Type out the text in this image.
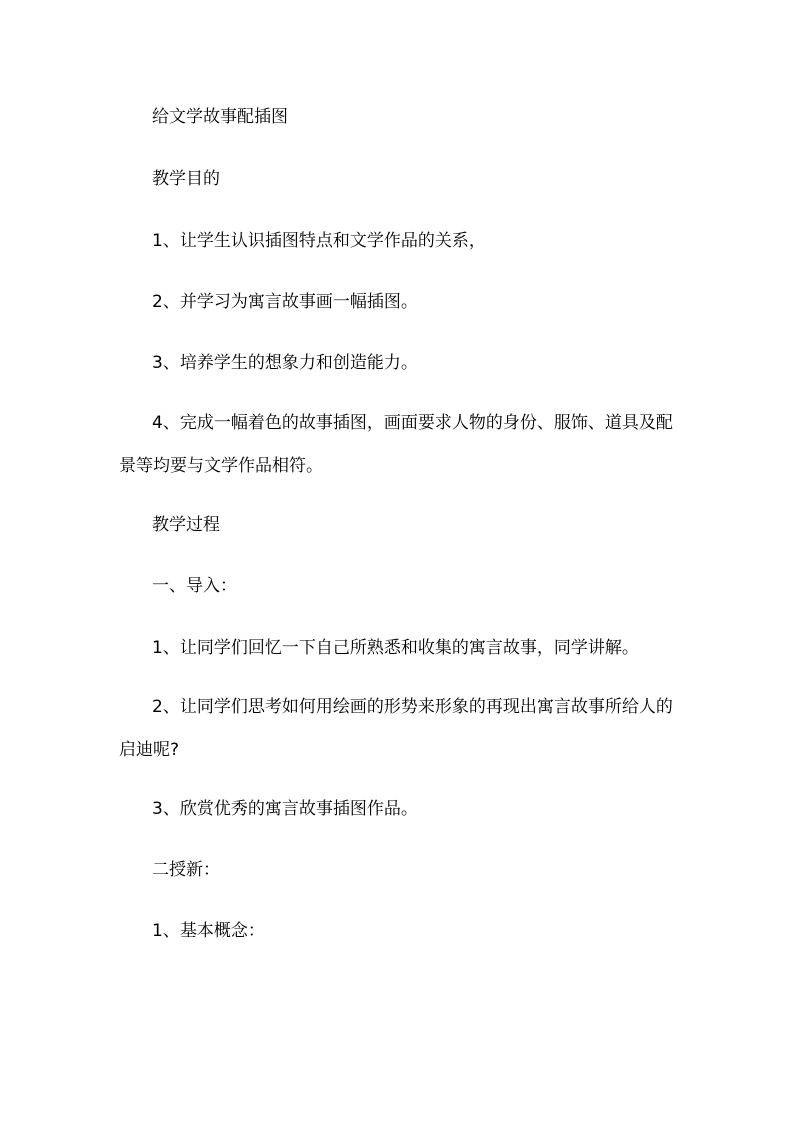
给文学故事配插图

教学目的

1、让学生认识插图特点和文学作品的关系，

2、并学习为寓言故事画一幅插图。

3、培养学生的想象力和创造能力。

4、完成一幅着色的故事插图，画面要求人物的身份、服饰、道具及配景等均要与文学作品相符。

教学过程

一、导入：

1、让同学们回忆一下自己所熟悉和收集的寓言故事，同学讲解。

2、让同学们思考如何用绘画的形势来形象的再现出寓言故事所给人的启迪呢?

3、欣赏优秀的寓言故事插图作品。

二授新：

1、基本概念：
